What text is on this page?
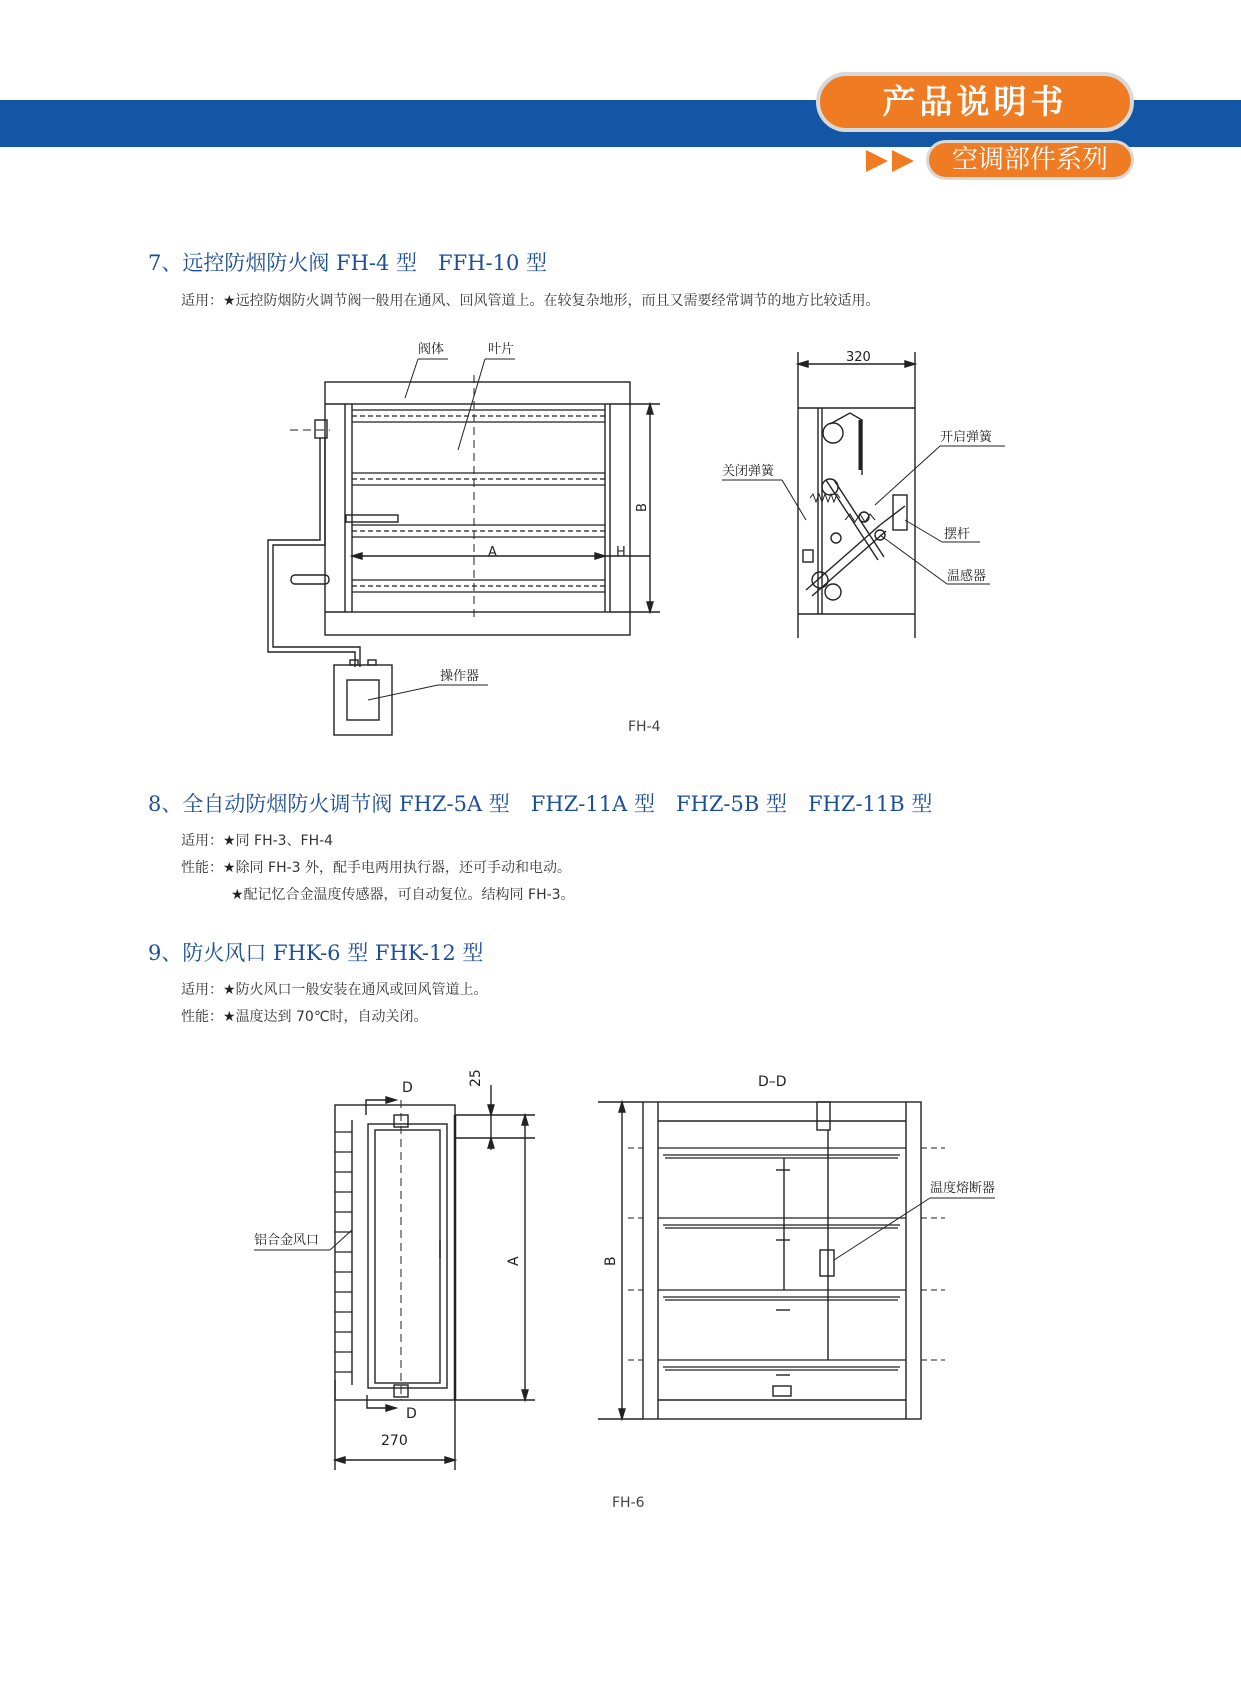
产品说明书
空调部件系列
7、远控防烟防火阀 FH-4 型　FFH-10 型
适用：★远控防烟防火调节阀一般用在通风、回风管道上。在较复杂地形，而且又需要经常调节的地方比较适用。
阀体	叶片
A	H
B
操作器
320
开启弹簧
关闭弹簧
摆杆
温感器
FH-4
8、全自动防烟防火调节阀 FHZ-5A 型　FHZ-11A 型　FHZ-5B 型　FHZ-11B 型
适用：★同 FH-3、FH-4
性能：★除同 FH-3 外，配手电两用执行器，还可手动和电动。
★配记忆合金温度传感器，可自动复位。结构同 FH-3。
9、防火风口 FHK-6 型 FHK-12 型
适用：★防火风口一般安装在通风或回风管道上。
性能：★温度达到 70℃时，自动关闭。
D
D
25
A
270
铝合金风口
D–D
B
温度熔断器
FH-6
